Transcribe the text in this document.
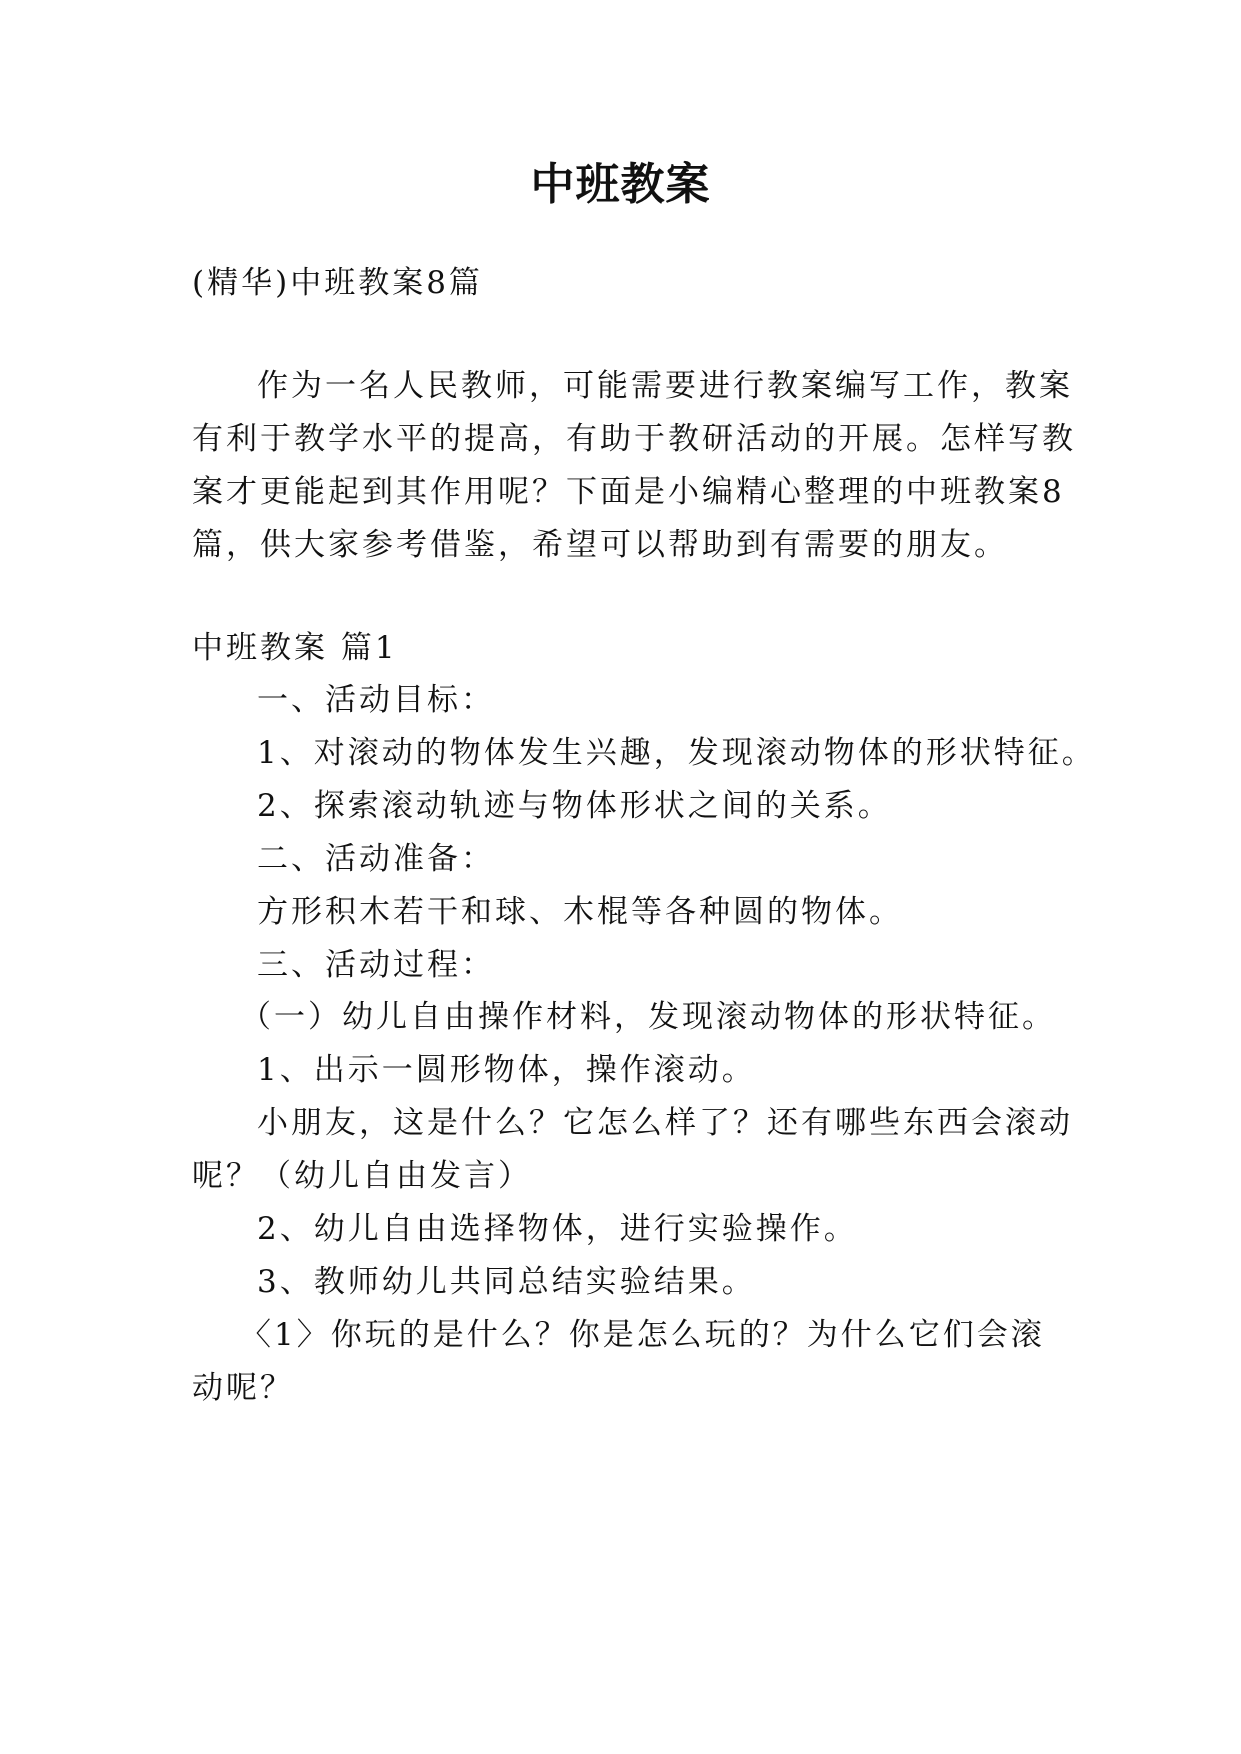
中班教案
(精华)中班教案8篇
作为一名人民教师，可能需要进行教案编写工作，教案
有利于教学水平的提高，有助于教研活动的开展。怎样写教
案才更能起到其作用呢？下面是小编精心整理的中班教案8
篇，供大家参考借鉴，希望可以帮助到有需要的朋友。
中班教案 篇1
一、活动目标：
1、对滚动的物体发生兴趣，发现滚动物体的形状特征。
2、探索滚动轨迹与物体形状之间的关系。
二、活动准备：
方形积木若干和球、木棍等各种圆的物体。
三、活动过程：
（一）幼儿自由操作材料，发现滚动物体的形状特征。
1、出示一圆形物体，操作滚动。
小朋友，这是什么？它怎么样了？还有哪些东西会滚动
呢？（幼儿自由发言）
2、幼儿自由选择物体，进行实验操作。
3、教师幼儿共同总结实验结果。
〈1〉你玩的是什么？你是怎么玩的？为什么它们会滚
动呢？
